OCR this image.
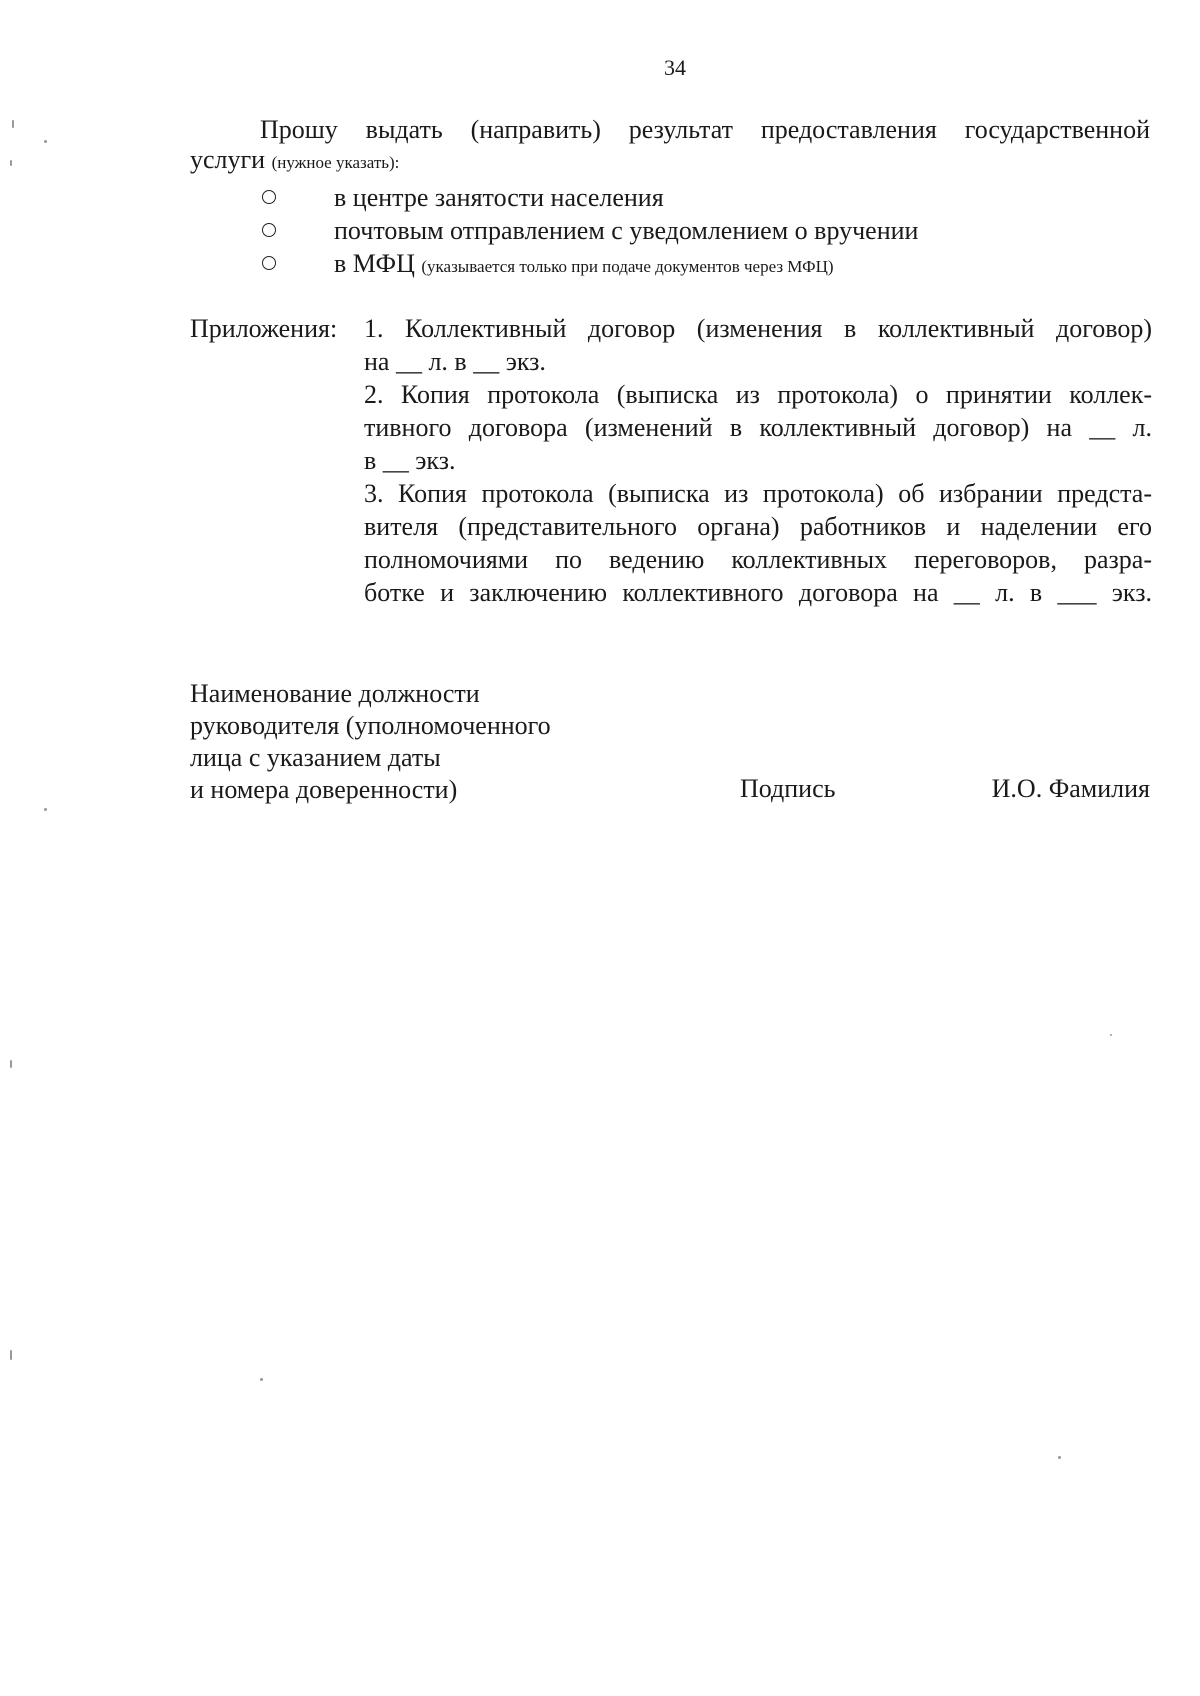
34
Прошу выдать (направить) результат предоставления государственной
услуги (нужное указать):
в центре занятости населения
почтовым отправлением с уведомлением о вручении
в МФЦ (указывается только при подаче документов через МФЦ)
Приложения: 1. Коллективный договор (изменения в коллективный договор)
на __ л. в __ экз.
2. Копия протокола (выписка из протокола) о принятии коллек-
тивного договора (изменений в коллективный договор) на __ л.
в __ экз.
3. Копия протокола (выписка из протокола) об избрании предста-
вителя (представительного органа) работников и наделении его
полномочиями по ведению коллективных переговоров, разра-
ботке и заключению коллективного договора на __ л. в ___ экз.
Наименование должности
руководителя (уполномоченного
лица с указанием даты
и номера доверенности)	Подпись	И.О. Фамилия
